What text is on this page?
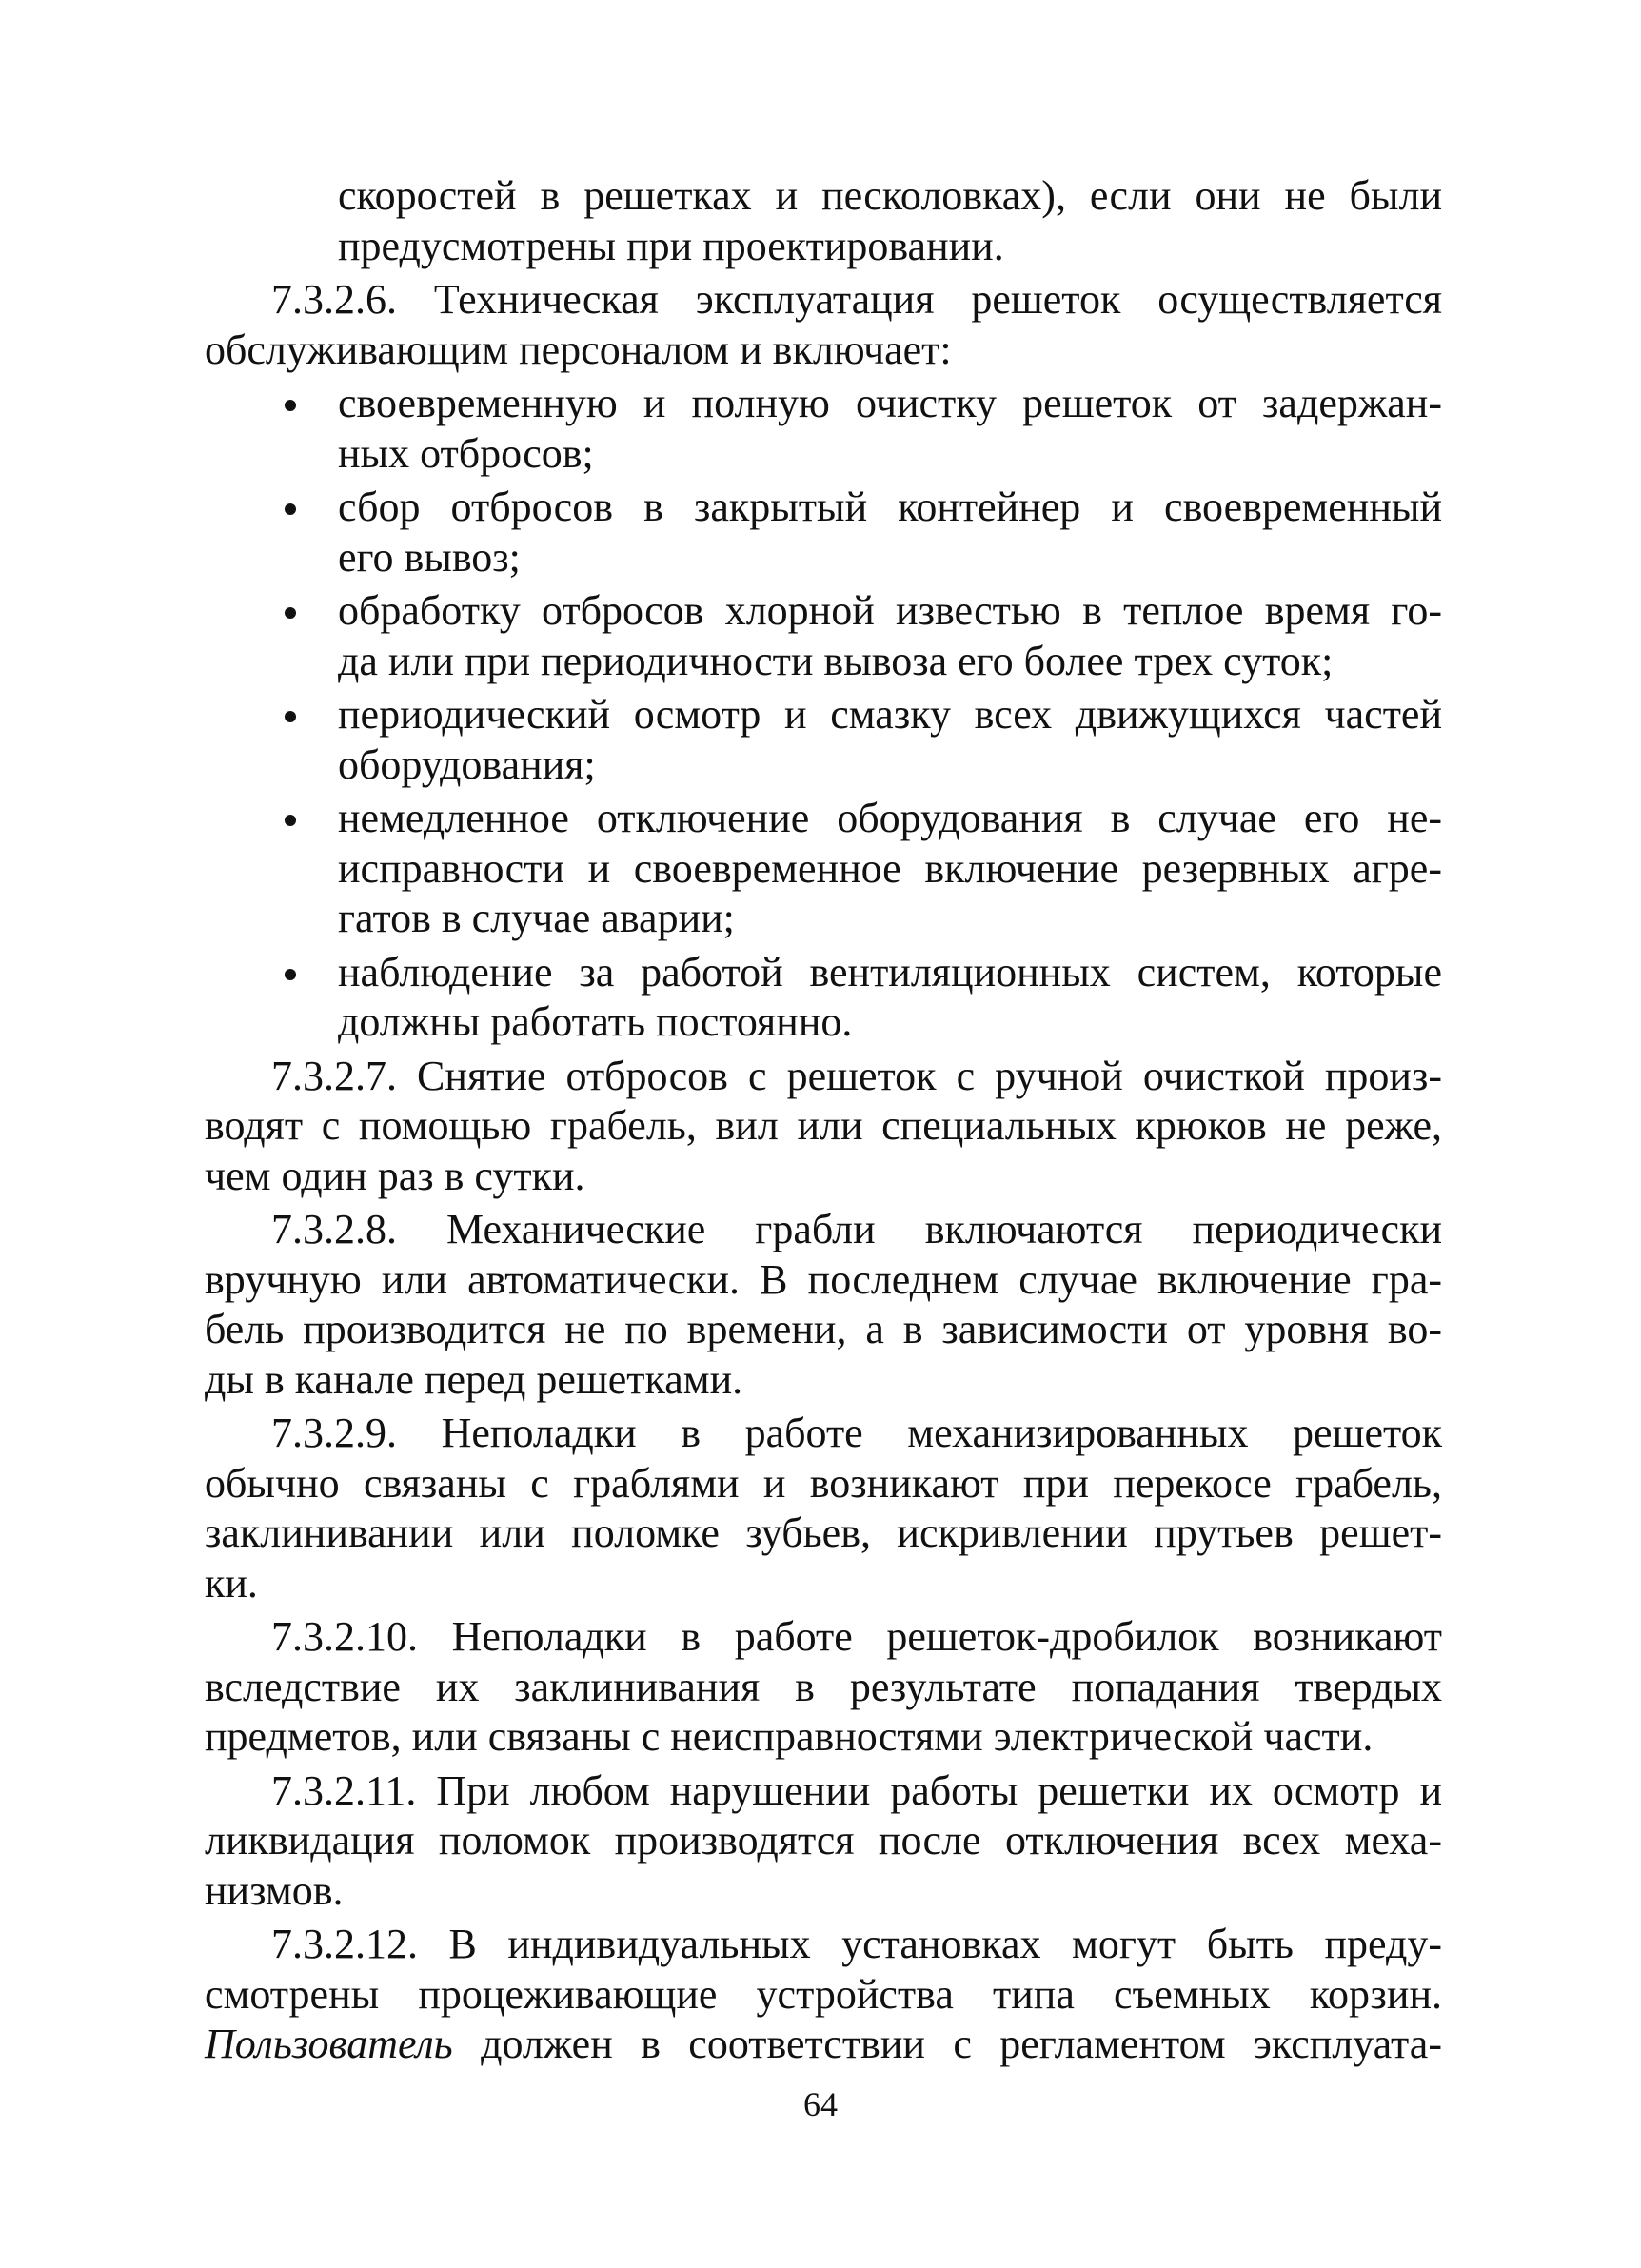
скоростей в решетках и песколовках), если они не были
предусмотрены при проектировании.
7.3.2.6. Техническая эксплуатация решеток осуществляется
обслуживающим персоналом и включает:
своевременную и полную очистку решеток от задержан-
ных отбросов;
сбор отбросов в закрытый контейнер и своевременный
его вывоз;
обработку отбросов хлорной известью в теплое время го-
да или при периодичности вывоза его более трех суток;
периодический осмотр и смазку всех движущихся частей
оборудования;
немедленное отключение оборудования в случае его не-
исправности и своевременное включение резервных агре-
гатов в случае аварии;
наблюдение за работой вентиляционных систем, которые
должны работать постоянно.
7.3.2.7. Снятие отбросов с решеток с ручной очисткой произ-
водят с помощью грабель, вил или специальных крюков не реже,
чем один раз в сутки.
7.3.2.8. Механические грабли включаются периодически
вручную или автоматически. В последнем случае включение гра-
бель производится не по времени, а в зависимости от уровня во-
ды в канале перед решетками.
7.3.2.9. Неполадки в работе механизированных решеток
обычно связаны с граблями и возникают при перекосе грабель,
заклинивании или поломке зубьев, искривлении прутьев решет-
ки.
7.3.2.10. Неполадки в работе решеток-дробилок возникают
вследствие их заклинивания в результате попадания твердых
предметов, или связаны с неисправностями электрической части.
7.3.2.11. При любом нарушении работы решетки их осмотр и
ликвидация поломок производятся после отключения всех меха-
низмов.
7.3.2.12. В индивидуальных установках могут быть преду-
смотрены процеживающие устройства типа съемных корзин.
Пользователь должен в соответствии с регламентом эксплуата-
64
